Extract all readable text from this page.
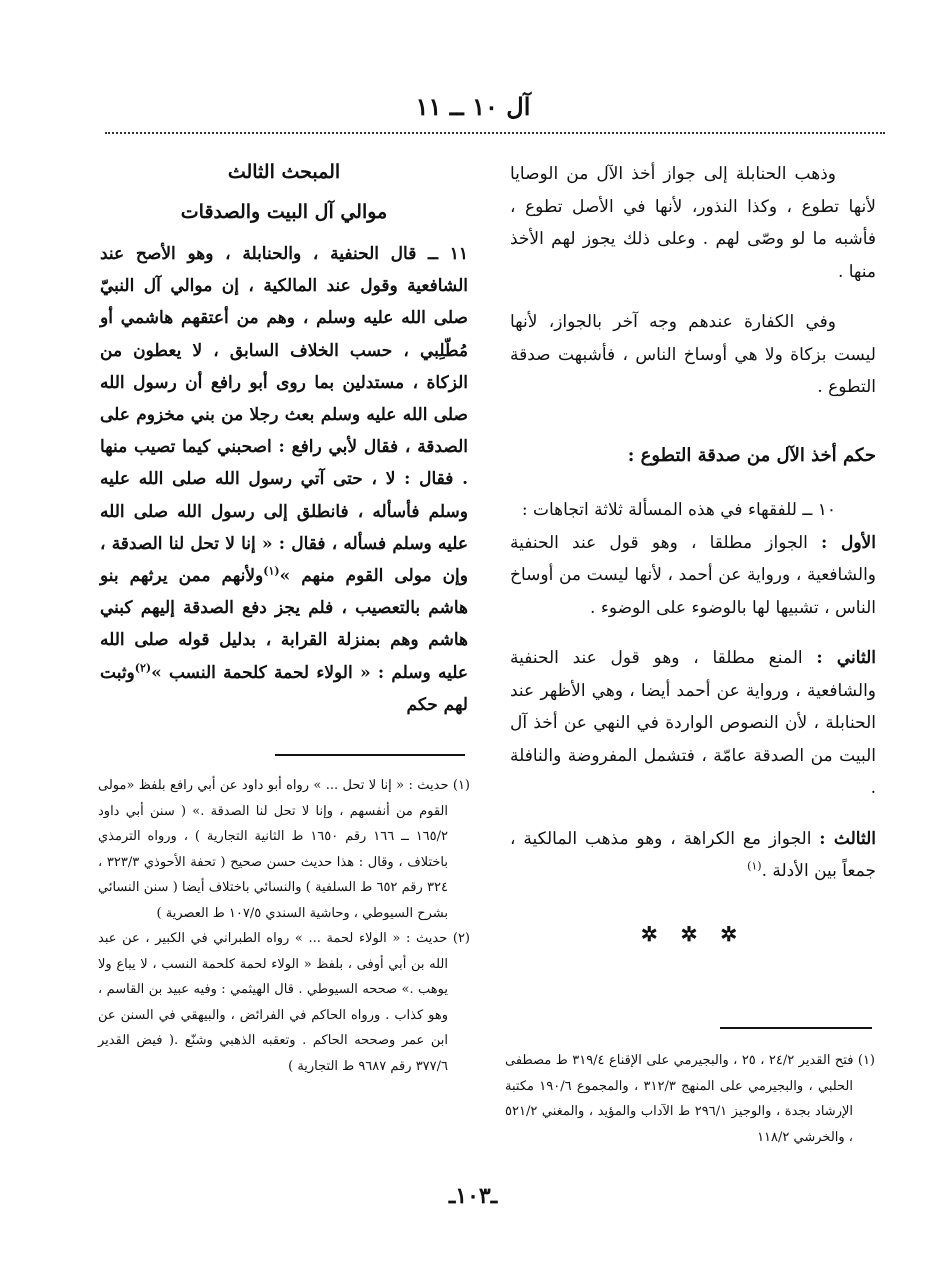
آل ١٠ ــ ١١

وذهب الحنابلة إلى جواز أخذ الآل من الوصايا لأنها تطوع ، وكذا النذور، لأنها في الأصل تطوع ، فأشبه ما لو وصّى لهم . وعلى ذلك يجوز لهم الأخذ منها .

وفي الكفارة عندهم وجه آخر بالجواز، لأنها ليست بزكاة ولا هي أوساخ الناس ، فأشبهت صدقة التطوع .

حكم أخذ الآل من صدقة التطوع :

١٠ ــ للفقهاء في هذه المسألة ثلاثة اتجاهات :

الأول : الجواز مطلقا ، وهو قول عند الحنفية والشافعية ، ورواية عن أحمد ، لأنها ليست من أوساخ الناس ، تشبيها لها بالوضوء على الوضوء .

الثاني : المنع مطلقا ، وهو قول عند الحنفية والشافعية ، ورواية عن أحمد أيضا ، وهي الأظهر عند الحنابلة ، لأن النصوص الواردة في النهي عن أخذ آل البيت من الصدقة عامّة ، فتشمل المفروضة والنافلة .

الثالث : الجواز مع الكراهة ، وهو مذهب المالكية ، جمعاً بين الأدلة .$^{(١)}$

✲ ✲ ✲

(١) فتح القدير ٢٤/٢ ، ٢٥ ، والبجيرمي على الإقناع ٣١٩/٤ ط مصطفى الحلبي ، والبجيرمي على المنهج ٣١٢/٣ ، والمجموع ١٩٠/٦ مكتبة الإرشاد بجدة ، والوجيز ٢٩٦/١ ط الآداب والمؤيد ، والمغني ٥٢١/٢ ، والخرشي ١١٨/٢

المبحث الثالث

موالي آل البيت والصدقات

١١ ــ قال الحنفية ، والحنابلة ، وهو الأصح عند الشافعية وقول عند المالكية ، إن موالي آل النبيّ صلى الله عليه وسلم ، وهم من أعتقهم هاشمي أو مُطّلِبي ، حسب الخلاف السابق ، لا يعطون من الزكاة ، مستدلين بما روى أبو رافع أن رسول الله صلى الله عليه وسلم بعث رجلا من بني مخزوم على الصدقة ، فقال لأبي رافع : اصحبني كيما تصيب منها . فقال : لا ، حتى آتي رسول الله صلى الله عليه وسلم فأسأله ، فانطلق إلى رسول الله صلى الله عليه وسلم فسأله ، فقال : « إنا لا تحل لنا الصدقة ، وإن مولى القوم منهم »$^{(١)}$ولأنهم ممن يرثهم بنو هاشم بالتعصيب ، فلم يجز دفع الصدقة إليهم كبني هاشم وهم بمنزلة القرابة ، بدليل قوله صلى الله عليه وسلم : « الولاء لحمة كلحمة النسب »$^{(٢)}$وثبت لهم حكم

(١) حديث : « إنا لا تحل ... » رواه أبو داود عن أبي رافع بلفظ «مولى القوم من أنفسهم ، وإنا لا تحل لنا الصدقة .» ( سنن أبي داود ١٦٥/٢ ــ ١٦٦ رقم ١٦٥٠ ط الثانية التجارية ) ، ورواه الترمذي باختلاف ، وقال : هذا حديث حسن صحيح ( تحفة الأحوذي ٣٢٣/٣ ، ٣٢٤ رقم ٦٥٢ ط السلفية ) والنسائي باختلاف أيضا ( سنن النسائي بشرح السيوطي ، وحاشية السندي ١٠٧/٥ ط العصرية )

(٢) حديث : « الولاء لحمة ... » رواه الطبراني في الكبير ، عن عبد الله بن أبي أوفى ، بلفظ « الولاء لحمة كلحمة النسب ، لا يباع ولا يوهب .» صححه السيوطي . قال الهيثمي : وفيه عبيد بن القاسم ، وهو كذاب . ورواه الحاكم في الفرائض ، والبيهقي في السنن عن ابن عمر وصححه الحاكم . وتعقبه الذهبي وشنّع .( فيض القدير ٣٧٧/٦ رقم ٩٦٨٧ ط التجارية )

ـ١٠٣ـ
